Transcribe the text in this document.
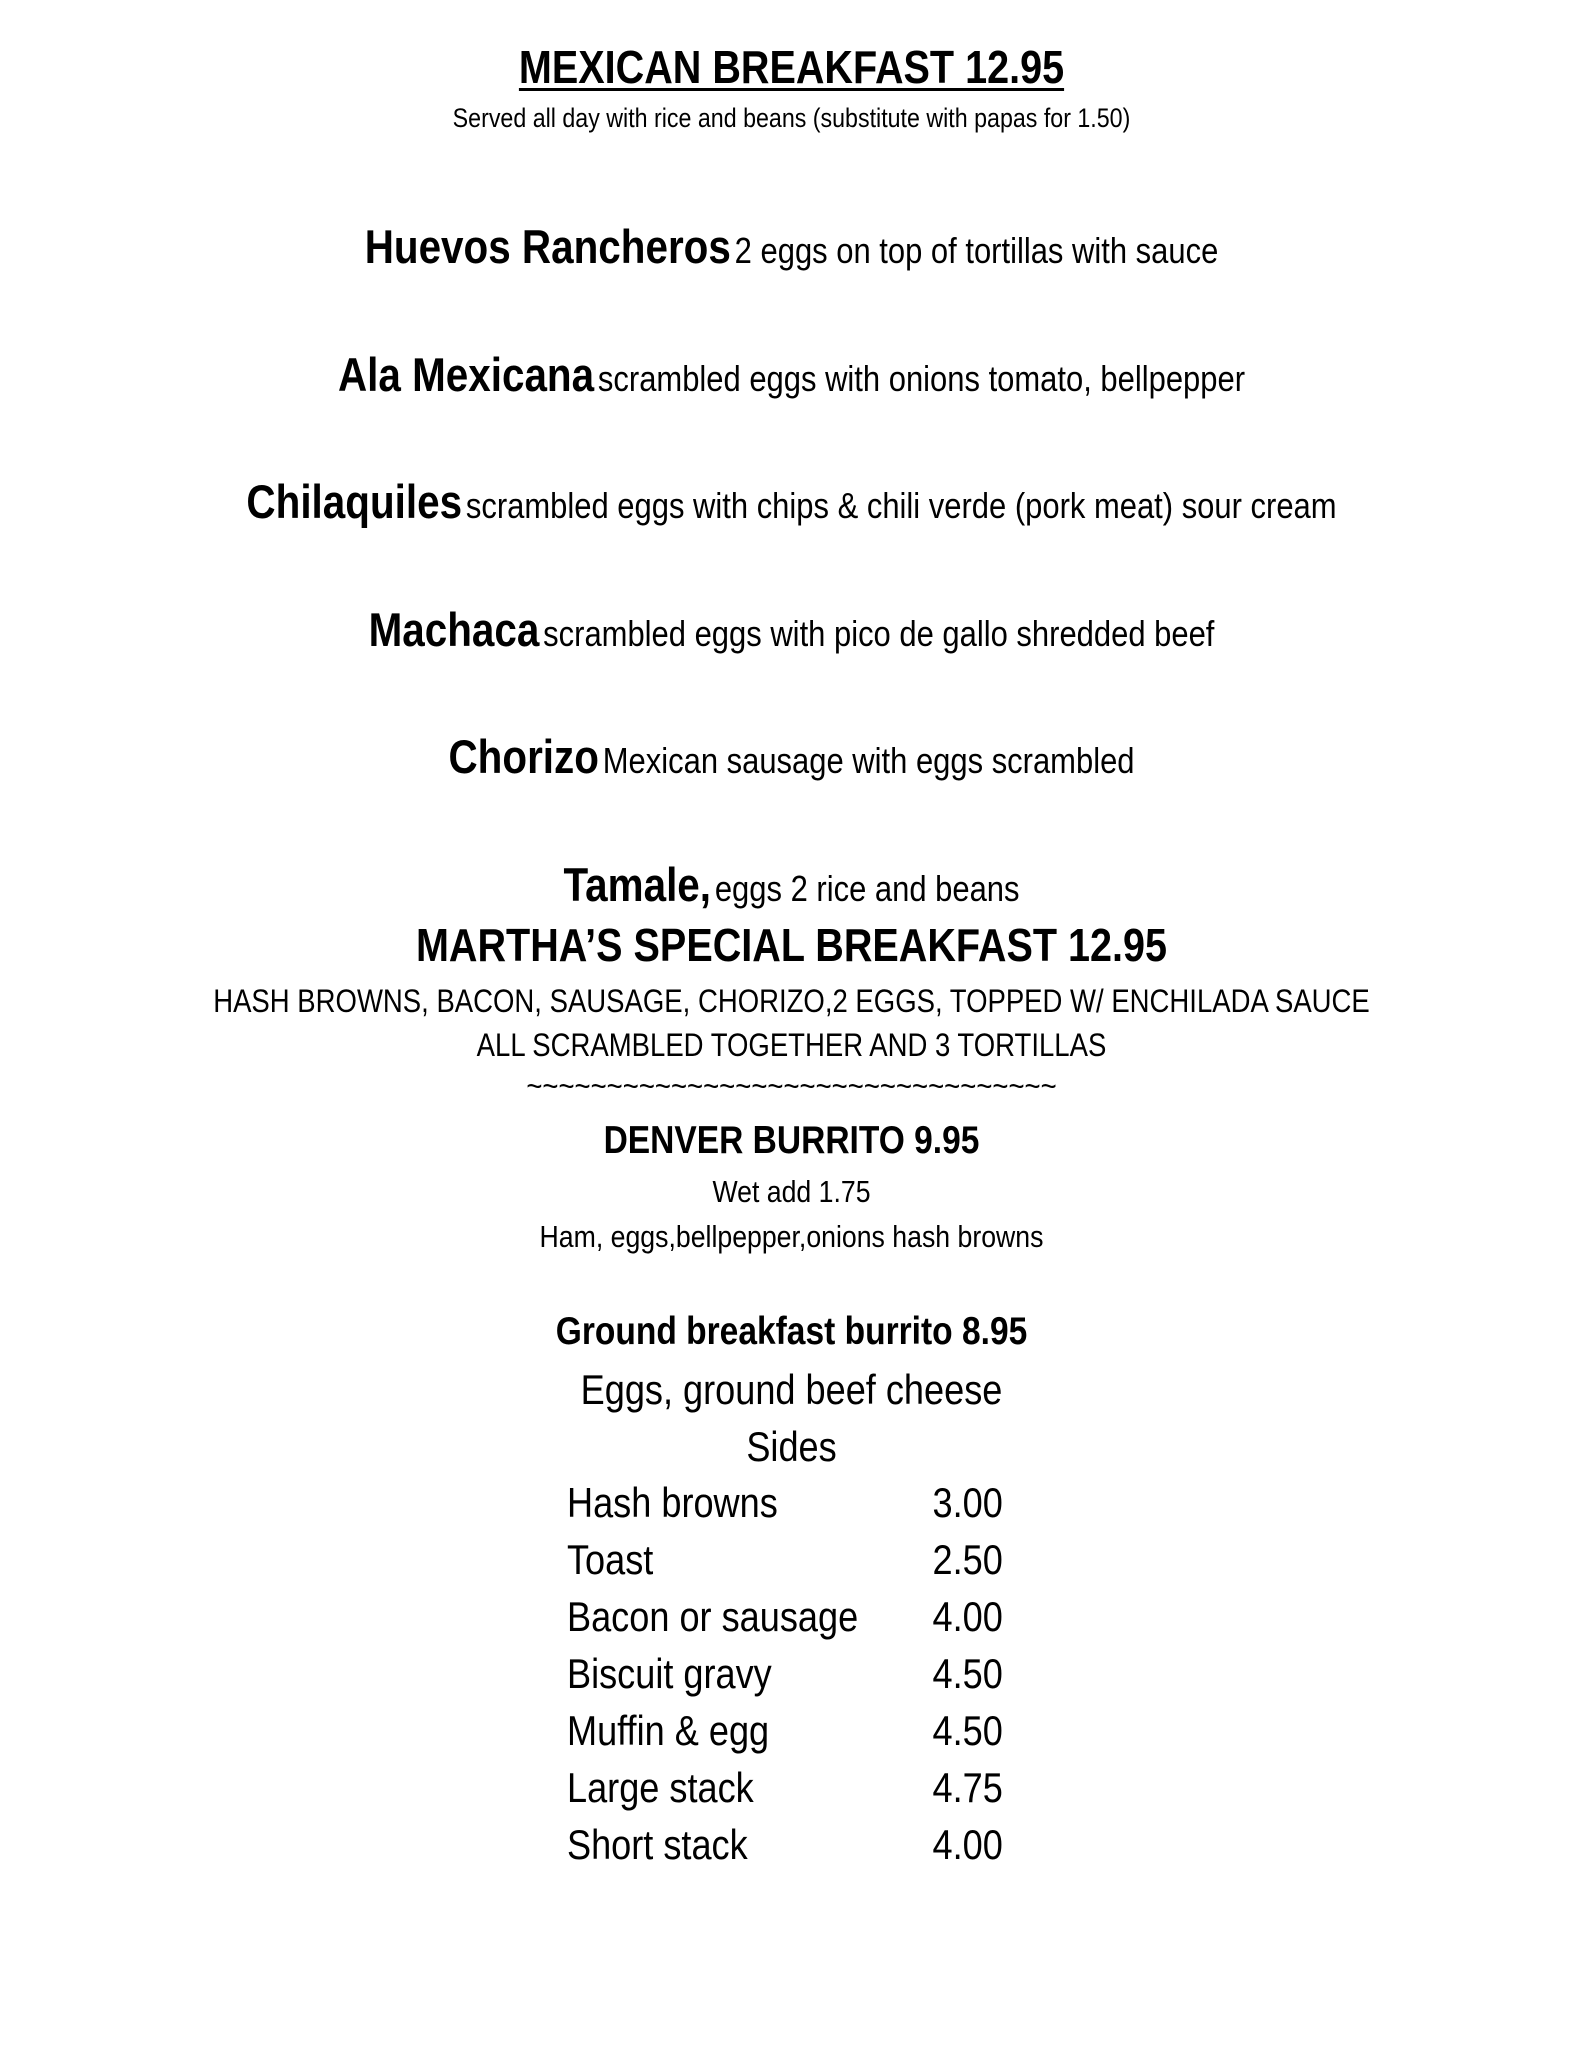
MEXICAN BREAKFAST 12.95
Served all day with rice and beans (substitute with papas for 1.50)
Huevos Rancheros 2 eggs on top of tortillas with sauce
Ala Mexicana scrambled eggs with onions tomato, bellpepper
Chilaquiles scrambled eggs with chips & chili verde (pork meat) sour cream
Machaca scrambled eggs with pico de gallo shredded beef
Chorizo Mexican sausage with eggs scrambled
Tamale, eggs 2 rice and beans
MARTHA’S SPECIAL BREAKFAST 12.95
HASH BROWNS, BACON, SAUSAGE, CHORIZO,2 EGGS, TOPPED W/ ENCHILADA SAUCE
ALL SCRAMBLED TOGETHER AND 3 TORTILLAS
~~~~~~~~~~~~~~~~~~~~~~~~~~~~~~~~~
DENVER BURRITO 9.95
Wet add 1.75
Ham, eggs,bellpepper,onions hash browns
Ground breakfast burrito 8.95
Eggs, ground beef cheese
Sides
Hash browns	3.00
Toast	2.50
Bacon or sausage 4.00
Biscuit gravy	4.50
Muffin & egg	4.50
Large stack	4.75
Short stack	4.00
